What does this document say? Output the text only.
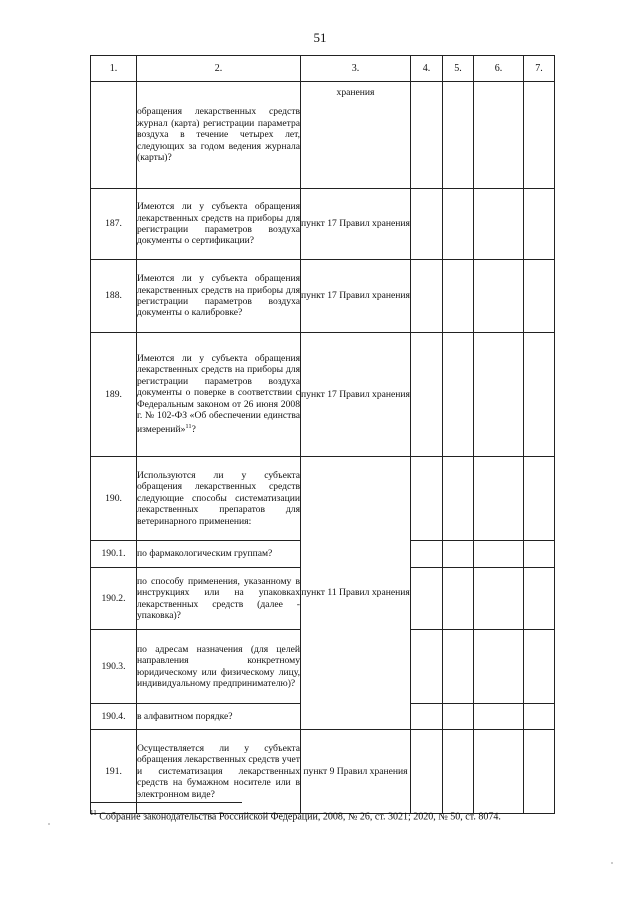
51
1.	2.	3.	4.	5.	6.	7.
	обращения лекарственных средств журнал (карта) регистрации параметра воздуха в течение четырех лет, следующих за годом ведения журнала (карты)?	хранения				
187.	Имеются ли у субъекта обращения лекарственных средств на приборы для регистрации параметров воздуха документы о сертификации?	пункт 17 Правил хранения				
188.	Имеются ли у субъекта обращения лекарственных средств на приборы для регистрации параметров воздуха документы о калибровке?	пункт 17 Правил хранения				
189.	Имеются ли у субъекта обращения лекарственных средств на приборы для регистрации параметров воздуха документы о поверке в соответствии с Федеральным законом от 26 июня 2008 г. № 102-ФЗ «Об обеспечении единства измерений»$^{11}$?	пункт 17 Правил хранения				
190.	Используются ли у субъекта обращения лекарственных средств следующие способы систематизации лекарственных препаратов для ветеринарного применения:	пункт 11 Правил хранения				
190.1.	по фармакологическим группам?					
190.2.	по способу применения, указанному в инструкциях или на упаковках лекарственных средств (далее - упаковка)?					
190.3.	по адресам назначения (для целей направления конкретному юридическому или физическому лицу, индивидуальному предпринимателю)?					
190.4.	в алфавитном порядке?					
191.	Осуществляется ли у субъекта обращения лекарственных средств учет и систематизация лекарственных средств на бумажном носителе или в электронном виде?	пункт 9 Правил хранения				
$^{11}$ Собрание законодательства Российской Федерации, 2008, № 26, ст. 3021; 2020, № 50, ст. 8074.
